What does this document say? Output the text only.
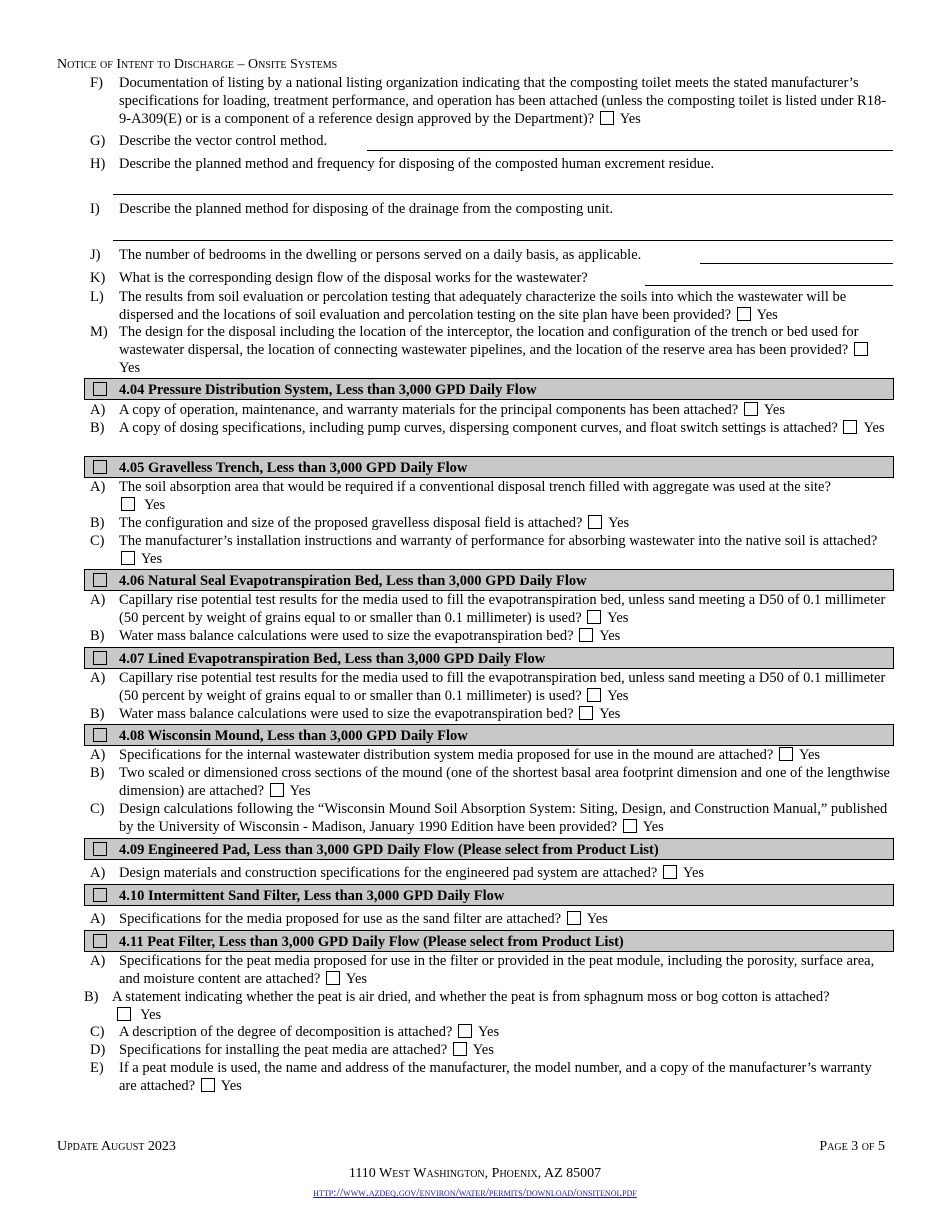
Notice of Intent to Discharge – Onsite Systems
F)	Documentation of listing by a national listing organization indicating that the composting toilet meets the stated manufacturer’s specifications for loading, treatment performance, and operation has been attached (unless the composting toilet is listed under R18-9-A309(E) or is a component of a reference design approved by the Department)? Yes
G) Describe the vector control method.
H) Describe the planned method and frequency for disposing of the composted human excrement residue.
I)	Describe the planned method for disposing of the drainage from the composting unit.
J)	The number of bedrooms in the dwelling or persons served on a daily basis, as applicable.
K) What is the corresponding design flow of the disposal works for the wastewater?
L)	The results from soil evaluation or percolation testing that adequately characterize the soils into which the wastewater will be dispersed and the locations of soil evaluation and percolation testing on the site plan have been provided? Yes
M) The design for the disposal including the location of the interceptor, the location and configuration of the trench or bed used for wastewater dispersal, the location of connecting wastewater pipelines, and the location of the reserve area has been provided? Yes
4.04 Pressure Distribution System, Less than 3,000 GPD Daily Flow
A) A copy of operation, maintenance, and warranty materials for the principal components has been attached? Yes
B)	A copy of dosing specifications, including pump curves, dispersing component curves, and float switch settings is attached? Yes
4.05 Gravelless Trench, Less than 3,000 GPD Daily Flow
A) The soil absorption area that would be required if a conventional disposal trench filled with aggregate was used at the site?
Yes
B)	The configuration and size of the proposed gravelless disposal field is attached? Yes
C)	The manufacturer’s installation instructions and warranty of performance for absorbing wastewater into the native soil is attached? Yes
4.06 Natural Seal Evapotranspiration Bed, Less than 3,000 GPD Daily Flow
A) Capillary rise potential test results for the media used to fill the evapotranspiration bed, unless sand meeting a D50 of 0.1 millimeter (50 percent by weight of grains equal to or smaller than 0.1 millimeter) is used? Yes
B)	Water mass balance calculations were used to size the evapotranspiration bed? Yes
4.07 Lined Evapotranspiration Bed, Less than 3,000 GPD Daily Flow
A) Capillary rise potential test results for the media used to fill the evapotranspiration bed, unless sand meeting a D50 of 0.1 millimeter (50 percent by weight of grains equal to or smaller than 0.1 millimeter) is used? Yes
B)	Water mass balance calculations were used to size the evapotranspiration bed? Yes
4.08 Wisconsin Mound, Less than 3,000 GPD Daily Flow
A) Specifications for the internal wastewater distribution system media proposed for use in the mound are attached? Yes
B)	Two scaled or dimensioned cross sections of the mound (one of the shortest basal area footprint dimension and one of the lengthwise dimension) are attached? Yes
C)	Design calculations following the “Wisconsin Mound Soil Absorption System: Siting, Design, and Construction Manual,” published by the University of Wisconsin - Madison, January 1990 Edition have been provided? Yes
4.09 Engineered Pad, Less than 3,000 GPD Daily Flow (Please select from Product List)
A) Design materials and construction specifications for the engineered pad system are attached? Yes
4.10 Intermittent Sand Filter, Less than 3,000 GPD Daily Flow
A) Specifications for the media proposed for use as the sand filter are attached? Yes
4.11 Peat Filter, Less than 3,000 GPD Daily Flow (Please select from Product List)
A) Specifications for the peat media proposed for use in the filter or provided in the peat module, including the porosity, surface area, and moisture content are attached? Yes
B) A statement indicating whether the peat is air dried, and whether the peat is from sphagnum moss or bog cotton is attached?
Yes
C)	A description of the degree of decomposition is attached? Yes
D) Specifications for installing the peat media are attached? Yes
E)	If a peat module is used, the name and address of the manufacturer, the model number, and a copy of the manufacturer’s warranty are attached? Yes
Update August 2023	Page 3 of 5
1110 West Washington, Phoenix, AZ 85007
http://www.azdeq.gov/environ/water/permits/download/onsitenoi.pdf
